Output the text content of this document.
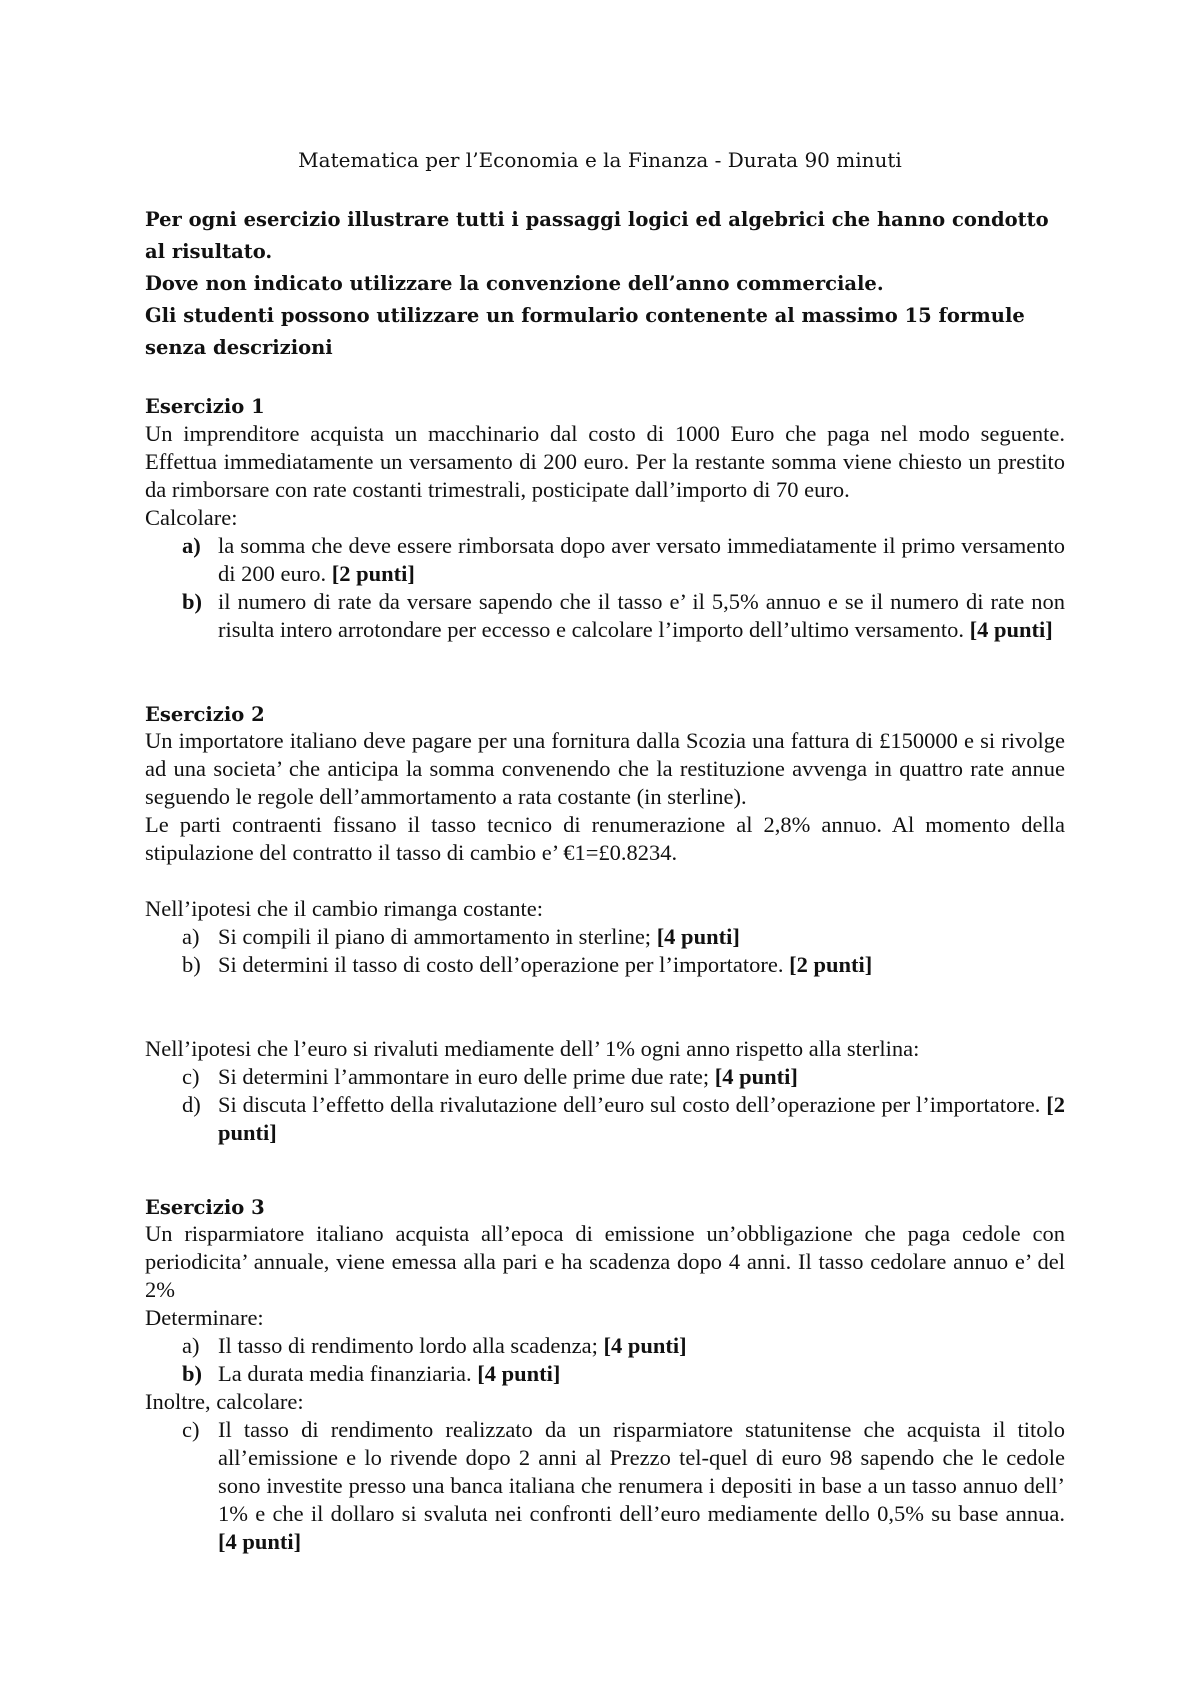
Matematica per l’Economia e la Finanza - Durata 90 minuti

Per ogni esercizio illustrare tutti i passaggi logici ed algebrici che hanno condotto al risultato.

Dove non indicato utilizzare la convenzione dell’anno commerciale.

Gli studenti possono utilizzare un formulario contenente al massimo 15 formule senza descrizioni

Esercizio 1

Un imprenditore acquista un macchinario dal costo di 1000 Euro che paga nel modo seguente. Effettua immediatamente un versamento di 200 euro. Per la restante somma viene chiesto un prestito da rimborsare con rate costanti trimestrali, posticipate dall’importo di 70 euro.

Calcolare:

a) la somma che deve essere rimborsata dopo aver versato immediatamente il primo versamento di 200 euro. [2 punti]
b) il numero di rate da versare sapendo che il tasso e’ il 5,5% annuo e se il numero di rate non risulta intero arrotondare per eccesso e calcolare l’importo dell’ultimo versamento. [4 punti]
Esercizio 2

Un importatore italiano deve pagare per una fornitura dalla Scozia una fattura di £150000 e si rivolge ad una societa’ che anticipa la somma convenendo che la restituzione avvenga in quattro rate annue seguendo le regole dell’ammortamento a rata costante (in sterline).

Le parti contraenti fissano il tasso tecnico di renumerazione al 2,8% annuo. Al momento della stipulazione del contratto il tasso di cambio e’ €1=£0.8234.

Nell’ipotesi che il cambio rimanga costante:

a) Si compili il piano di ammortamento in sterline; [4 punti]
b) Si determini il tasso di costo dell’operazione per l’importatore. [2 punti]

Nell’ipotesi che l’euro si rivaluti mediamente dell’ 1% ogni anno rispetto alla sterlina:

c) Si determini l’ammontare in euro delle prime due rate; [4 punti]
d) Si discuta l’effetto della rivalutazione dell’euro sul costo dell’operazione per l’importatore. [2 punti]
Esercizio 3

Un risparmiatore italiano acquista all’epoca di emissione un’obbligazione che paga cedole con periodicita’ annuale, viene emessa alla pari e ha scadenza dopo 4 anni. Il tasso cedolare annuo e’ del 2%

Determinare:

a) Il tasso di rendimento lordo alla scadenza; [4 punti]
b) La durata media finanziaria. [4 punti]

Inoltre, calcolare:

c) Il tasso di rendimento realizzato da un risparmiatore statunitense che acquista il titolo all’emissione e lo rivende dopo 2 anni al Prezzo tel-quel di euro 98 sapendo che le cedole sono investite presso una banca italiana che renumera i depositi in base a un tasso annuo dell’ 1% e che il dollaro si svaluta nei confronti dell’euro mediamente dello 0,5% su base annua. [4 punti]
